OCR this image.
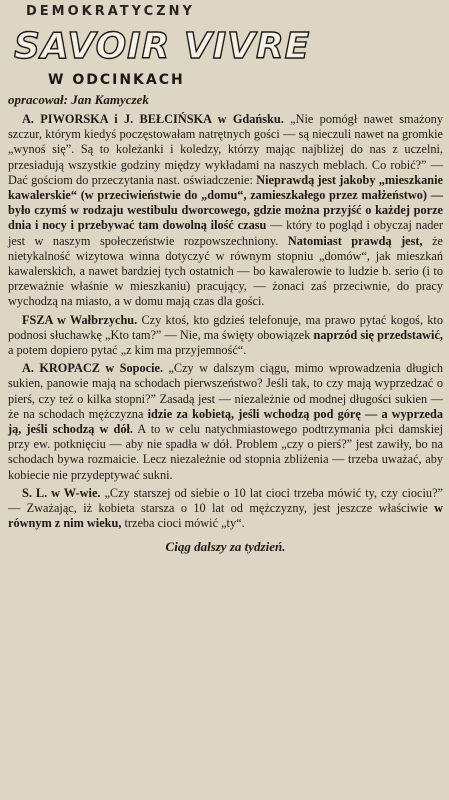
DEMOKRATYCZNY
SAVOIR VIVRE
W ODCINKACH
opracował: Jan Kamyczek

A. PIWORSKA i J. BEŁCIŃSKA w Gdańsku. „Nie pomógł nawet smażony szczur, którym kiedyś poczęstowałam natrętnych gości — są nieczuli nawet na gromkie „wynoś się”. Są to koleżanki i koledzy, którzy mając najbliżej do nas z uczelni, przesiadują wszystkie godziny między wykładami na naszych meblach. Co robić?” — Dać gościom do przeczytania nast. oświadczenie: Nieprawdą jest jakoby „mieszkanie kawalerskie“ (w przeciwieństwie do „domu“, zamieszkałego przez małżeństwo) — było czymś w rodzaju westibulu dworcowego, gdzie można przyjść o każdej porze dnia i nocy i przebywać tam dowolną ilość czasu — który to pogląd i obyczaj nader jest w naszym społeczeństwie rozpowszechniony. Natomiast prawdą jest, że nietykalność wizytowa winna dotyczyć w równym stopniu „domów“, jak mieszkań kawalerskich, a nawet bardziej tych ostatnich — bo kawalerowie to ludzie b. serio (i to przeważnie właśnie w mieszkaniu) pracujący, — żonaci zaś przeciwnie, do pracy wychodzą na miasto, a w domu mają czas dla gości.

FSZA w Wałbrzychu. Czy ktoś, kto gdzieś telefonuje, ma prawo pytać kogoś, kto podnosi słuchawkę „Kto tam?” — Nie, ma święty obowiązek naprzód się przedstawić, a potem dopiero pytać „z kim ma przyjemność“.

A. KROPACZ w Sopocie. „Czy w dalszym ciągu, mimo wprowadzenia długich sukien, panowie mają na schodach pierwszeństwo? Jeśli tak, to czy mają wyprzedzać o pierś, czy też o kilka stopni?” Zasadą jest — niezależnie od modnej długości sukien — że na schodach mężczyzna idzie za kobietą, jeśli wchodzą pod górę — a wyprzeda ją, jeśli schodzą w dół. A to w celu natychmiastowego podtrzymania płci damskiej przy ew. potknięciu — aby nie spadła w dół. Problem „czy o pierś?” jest zawiły, bo na schodach bywa rozmaicie. Lecz niezależnie od stopnia zbliżenia — trzeba uważać, aby kobiecie nie przydeptywać sukni.

S. L. w W-wie. „Czy starszej od siebie o 10 lat cioci trzeba mówić ty, czy ciociu?” — Zważając, iż kobieta starsza o 10 lat od mężczyzny, jest jeszcze właściwie w równym z nim wieku, trzeba cioci mówić „ty“.

Ciąg dalszy za tydzień.
